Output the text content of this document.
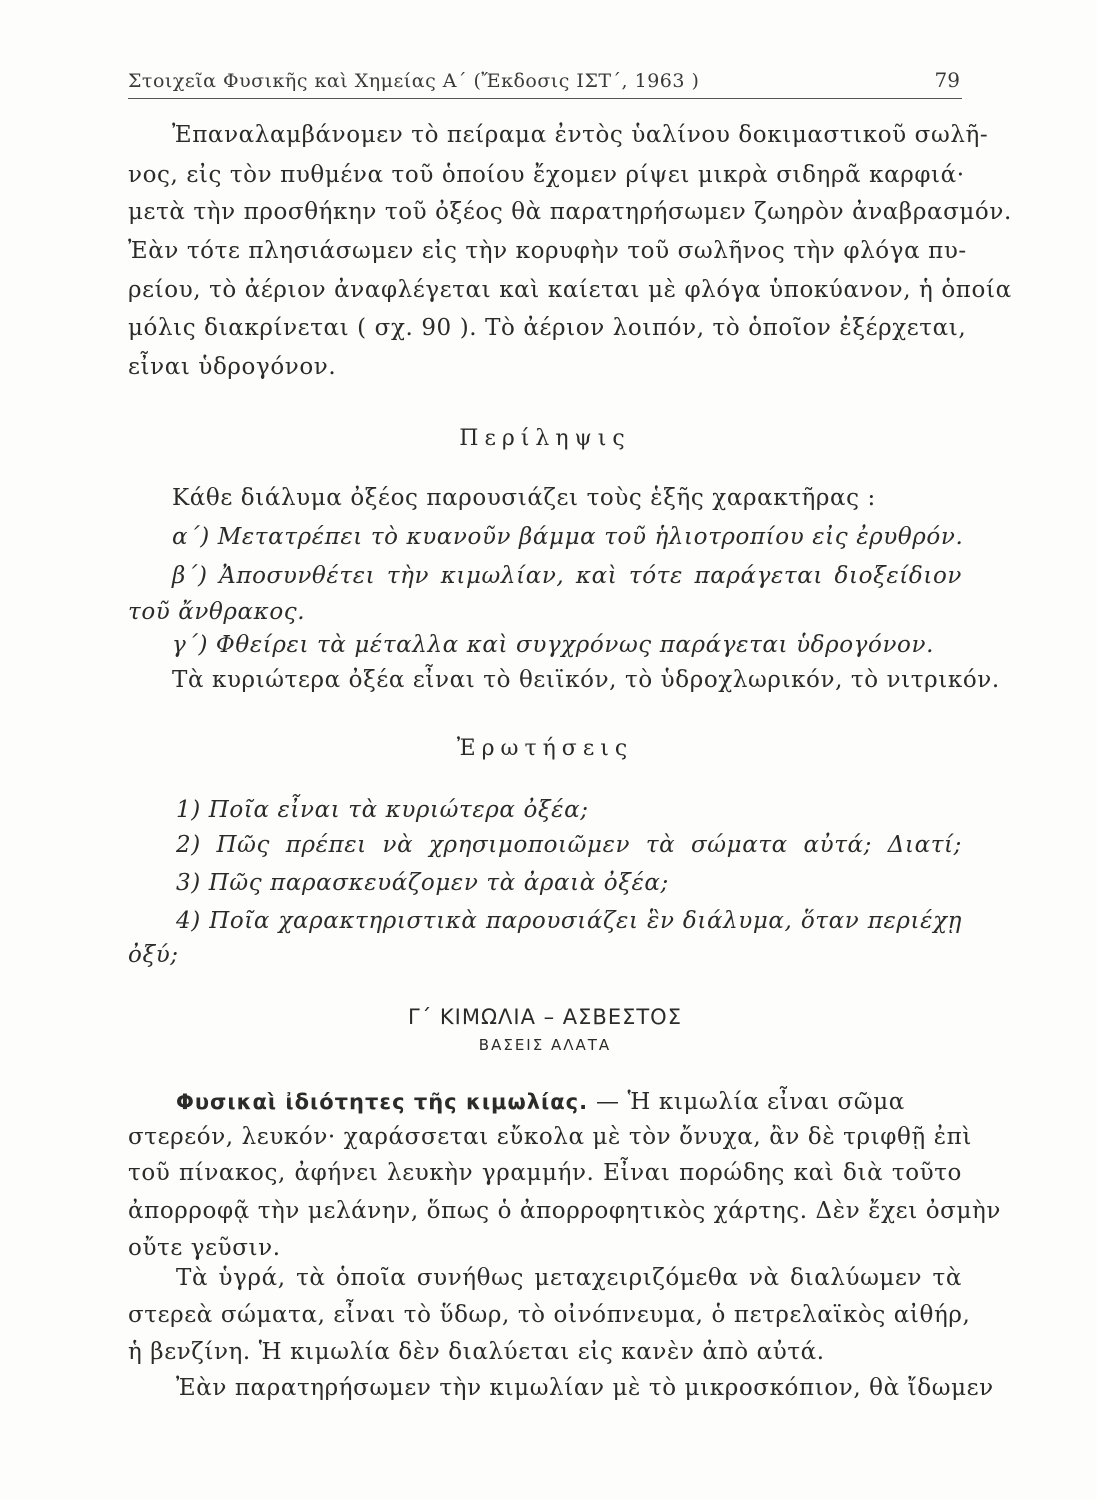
Στοιχεῖα Φυσικῆς καὶ Χημείας Α΄ (Ἔκδοσις ΙΣΤ΄, 1963 )	79
Ἐπαναλαμβάνομεν τὸ πείραμα ἐντὸς ὑαλίνου δοκιμαστικοῦ σωλῆ-
νος, εἰς τὸν πυθμένα τοῦ ὁποίου ἔχομεν ρίψει μικρὰ σιδηρᾶ καρφιά·
μετὰ τὴν προσθήκην τοῦ ὀξέος θὰ παρατηρήσωμεν ζωηρὸν ἀναβρασμόν.
Ἐὰν τότε πλησιάσωμεν εἰς τὴν κορυφὴν τοῦ σωλῆνος τὴν φλόγα πυ-
ρείου, τὸ ἀέριον ἀναφλέγεται καὶ καίεται μὲ φλόγα ὑποκύανον, ἡ ὁποία
μόλις διακρίνεται ( σχ. 90 ). Τὸ ἀέριον λοιπόν, τὸ ὁποῖον ἐξέρχεται,
εἶναι ὑδρογόνον.
Περίληψις
Κάθε διάλυμα ὀξέος παρουσιάζει τοὺς ἑξῆς χαρακτῆρας :
α΄) Μετατρέπει τὸ κυανοῦν βάμμα τοῦ ἡλιοτροπίου εἰς ἐρυθρόν.
β΄) Ἀποσυνθέτει τὴν κιμωλίαν, καὶ τότε παράγεται διοξείδιον
τοῦ ἄνθρακος.
γ΄) Φθείρει τὰ μέταλλα καὶ συγχρόνως παράγεται ὑδρογόνον.
Τὰ κυριώτερα ὀξέα εἶναι τὸ θειϊκόν, τὸ ὑδροχλωρικόν, τὸ νιτρικόν.
Ἐρωτήσεις
1) Ποῖα εἶναι τὰ κυριώτερα ὀξέα;
2) Πῶς πρέπει νὰ χρησιμοποιῶμεν τὰ σώματα αὐτά; Διατί;
3) Πῶς παρασκευάζομεν τὰ ἀραιὰ ὀξέα;
4) Ποῖα χαρακτηριστικὰ παρουσιάζει ἓν διάλυμα, ὅταν περιέχῃ
ὀξύ;
Γ΄ ΚΙΜΩΛΙΑ – ΑΣΒΕΣΤΟΣ
ΒΑΣΕΙΣ ΑΛΑΤΑ
Φυσικαὶ ἰδιότητες τῆς κιμωλίας. — Ἡ κιμωλία εἶναι σῶμα
στερεόν, λευκόν· χαράσσεται εὔκολα μὲ τὸν ὄνυχα, ἂν δὲ τριφθῇ ἐπὶ
τοῦ πίνακος, ἀφήνει λευκὴν γραμμήν. Εἶναι πορώδης καὶ διὰ τοῦτο
ἀπορροφᾷ τὴν μελάνην, ὅπως ὁ ἀπορροφητικὸς χάρτης. Δὲν ἔχει ὀσμὴν
οὔτε γεῦσιν.
Τὰ ὑγρά, τὰ ὁποῖα συνήθως μεταχειριζόμεθα νὰ διαλύωμεν τὰ
στερεὰ σώματα, εἶναι τὸ ὕδωρ, τὸ οἰνόπνευμα, ὁ πετρελαϊκὸς αἰθήρ,
ἡ βενζίνη. Ἡ κιμωλία δὲν διαλύεται εἰς κανὲν ἀπὸ αὐτά.
Ἐὰν παρατηρήσωμεν τὴν κιμωλίαν μὲ τὸ μικροσκόπιον, θὰ ἴδωμεν
